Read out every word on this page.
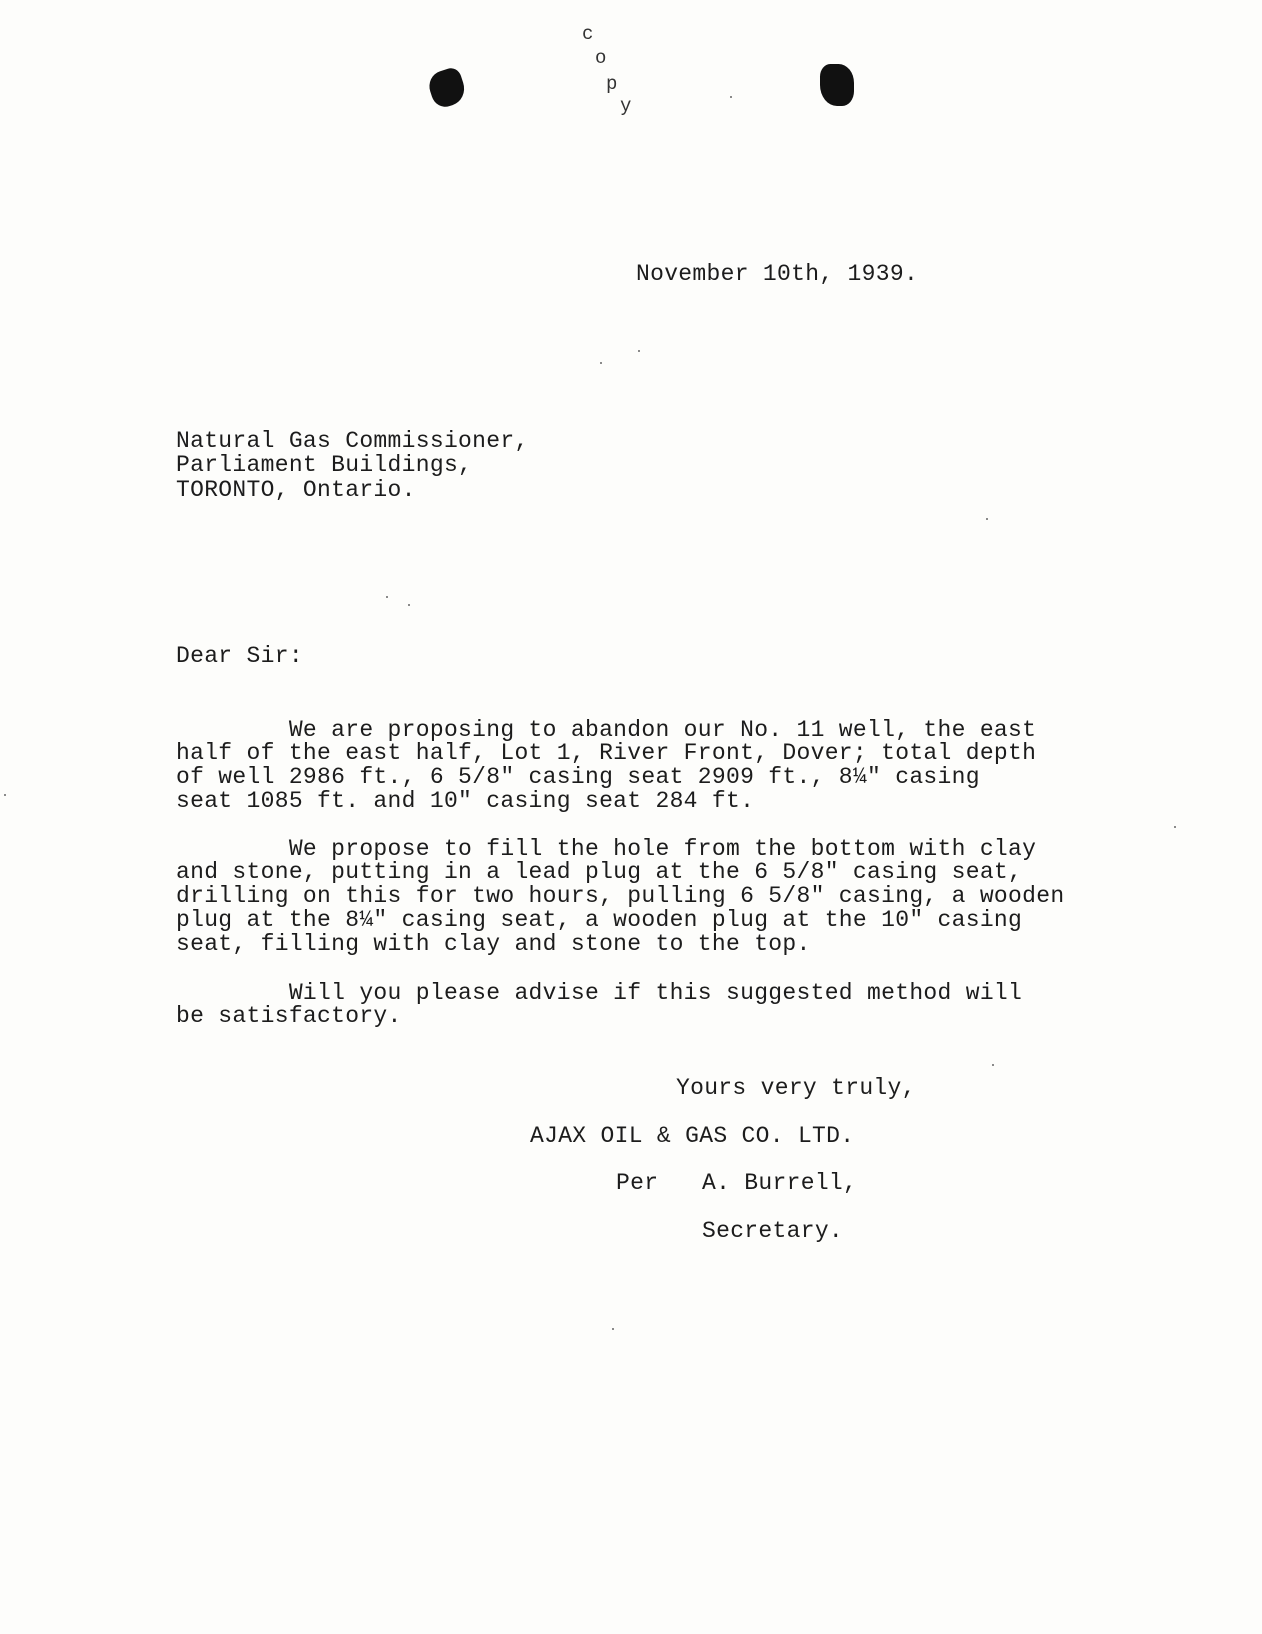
c
o
p
y
November 10th, 1939.
Natural Gas Commissioner,
Parliament Buildings,
TORONTO, Ontario.
Dear Sir:
We are proposing to abandon our No. 11 well, the east
half of the east half, Lot 1, River Front, Dover; total depth
of well 2986 ft., 6 5/8" casing seat 2909 ft., 8¼" casing
seat 1085 ft. and 10" casing seat 284 ft.
We propose to fill the hole from the bottom with clay
and stone, putting in a lead plug at the 6 5/8" casing seat,
drilling on this for two hours, pulling 6 5/8" casing, a wooden
plug at the 8¼" casing seat, a wooden plug at the 10" casing
seat, filling with clay and stone to the top.
Will you please advise if this suggested method will
be satisfactory.
Yours very truly,
AJAX OIL & GAS CO. LTD.
Per A. Burrell,
Secretary.
